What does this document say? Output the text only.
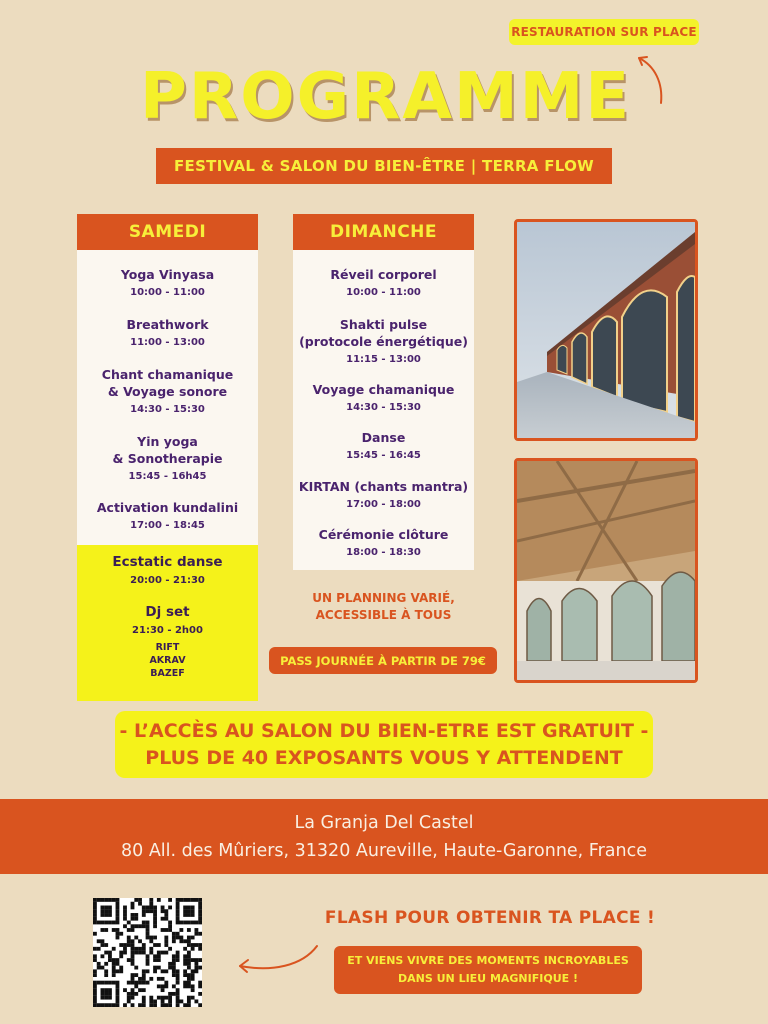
RESTAURATION SUR PLACE
PROGRAMME
FESTIVAL & SALON DU BIEN-ÊTRE | TERRA FLOW
SAMEDI
Yoga Vinyasa
10:00 - 11:00
Breathwork
11:00 - 13:00
Chant chamanique
& Voyage sonore
14:30 - 15:30
Yin yoga
& Sonotherapie
15:45 - 16h45
Activation kundalini
17:00 - 18:45
Ecstatic danse
20:00 - 21:30
Dj set
21:30 - 2h00
RIFT
AKRAV
BAZEF
DIMANCHE
Réveil corporel
10:00 - 11:00
Shakti pulse
(protocole énergétique)
11:15 - 13:00
Voyage chamanique
14:30 - 15:30
Danse
15:45 - 16:45
KIRTAN (chants mantra)
17:00 - 18:00
Cérémonie clôture
18:00 - 18:30
UN PLANNING VARIÉ,
ACCESSIBLE À TOUS
PASS JOURNÉE À PARTIR DE 79€
- L’ACCÈS AU SALON DU BIEN-ETRE EST GRATUIT -
PLUS DE 40 EXPOSANTS VOUS Y ATTENDENT
La Granja Del Castel
80 All. des Mûriers, 31320 Aureville, Haute-Garonne, France
FLASH POUR OBTENIR TA PLACE !
ET VIENS VIVRE DES MOMENTS INCROYABLES
DANS UN LIEU MAGNIFIQUE !
